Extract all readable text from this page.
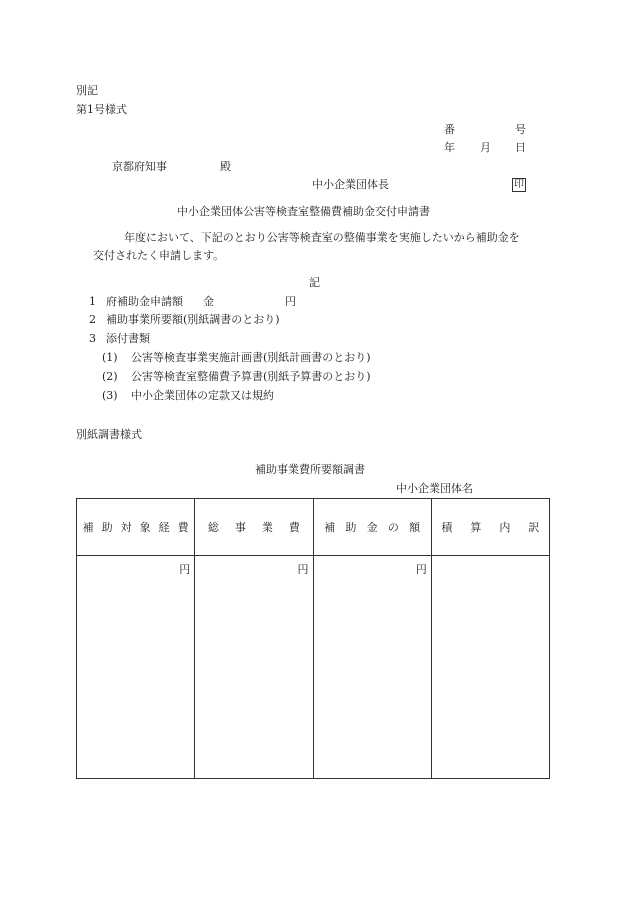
別記
第1号様式
番	号
年 月 日
京都府知事	殿
中小企業団体長	印
中小企業団体公害等検査室整備費補助金交付申請書
年度において、下記のとおり公害等検査室の整備事業を実施したいから補助金を
交付されたく申請します。
記
1 府補助金申請額 金	円
2 補助事業所要額(別紙調書のとおり)
3 添付書類
(1) 公害等検査事業実施計画書(別紙計画書のとおり)
(2) 公害等検査室整備費予算書(別紙予算書のとおり)
(3) 中小企業団体の定款又は規約
別紙調書様式
補助事業費所要額調書
中小企業団体名
補助対象経費	総事業費	補助金の額	積算内訳
円	円	円	
